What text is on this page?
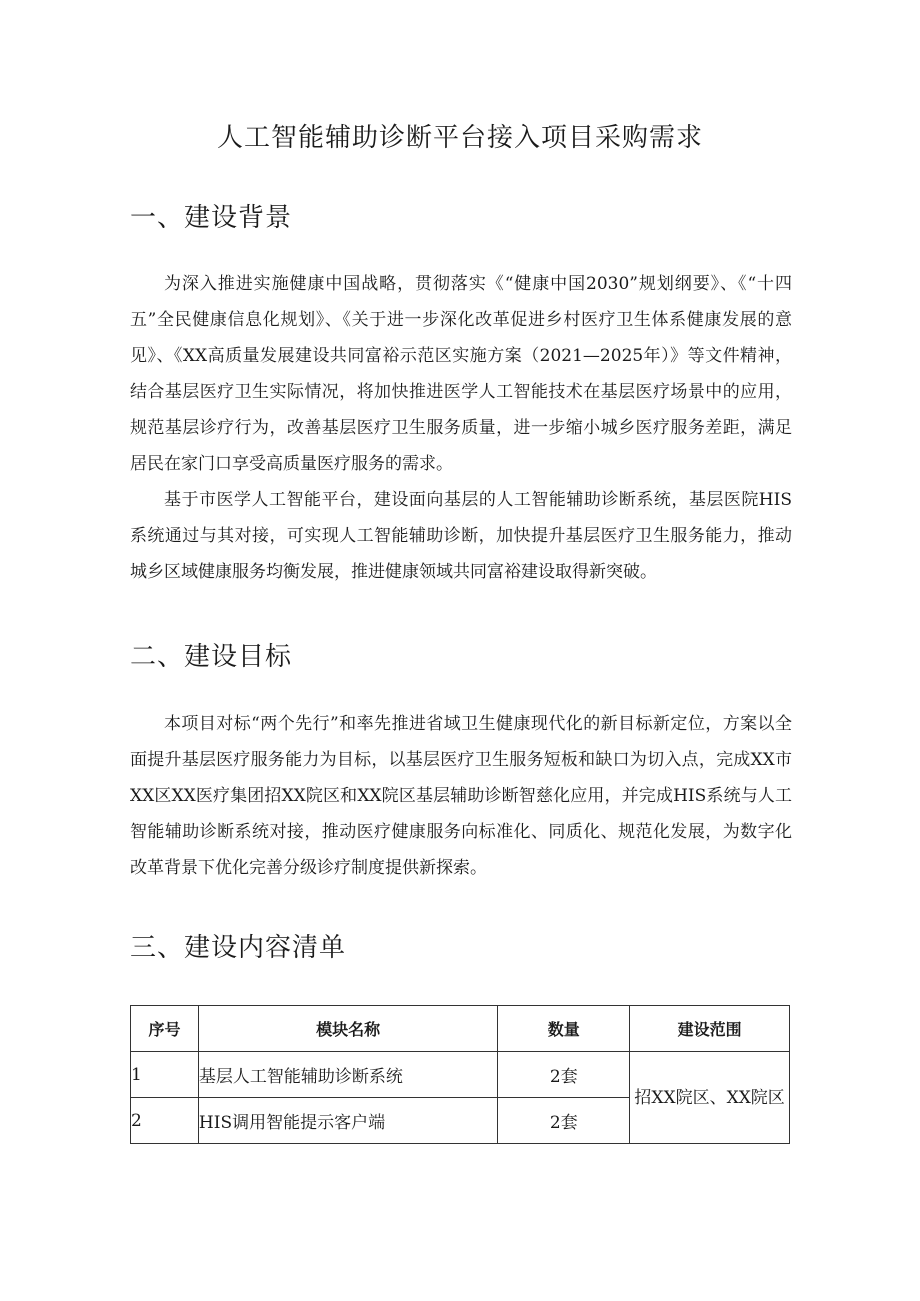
人工智能辅助诊断平台接入项目采购需求
一、建设背景

为深入推进实施健康中国战略，贯彻落实《“健康中国2030”规划纲要》、《“十四五”全民健康信息化规划》、《关于进一步深化改革促进乡村医疗卫生体系健康发展的意见》、《XX高质量发展建设共同富裕示范区实施方案（2021—2025年）》等文件精神，结合基层医疗卫生实际情况，将加快推进医学人工智能技术在基层医疗场景中的应用，规范基层诊疗行为，改善基层医疗卫生服务质量，进一步缩小城乡医疗服务差距，满足居民在家门口享受高质量医疗服务的需求。

基于市医学人工智能平台，建设面向基层的人工智能辅助诊断系统，基层医院HIS系统通过与其对接，可实现人工智能辅助诊断，加快提升基层医疗卫生服务能力，推动城乡区域健康服务均衡发展，推进健康领域共同富裕建设取得新突破。

二、建设目标

本项目对标“两个先行”和率先推进省域卫生健康现代化的新目标新定位，方案以全面提升基层医疗服务能力为目标，以基层医疗卫生服务短板和缺口为切入点，完成XX市XX区XX医疗集团招XX院区和XX院区基层辅助诊断智慈化应用，并完成HIS系统与人工智能辅助诊断系统对接，推动医疗健康服务向标准化、同质化、规范化发展，为数字化改革背景下优化完善分级诊疗制度提供新探索。

三、建设内容清单
序号	模块名称	数量	建设范围
1	基层人工智能辅助诊断系统	2套	招XX院区、XX院区
2	HIS调用智能提示客户端	2套	
